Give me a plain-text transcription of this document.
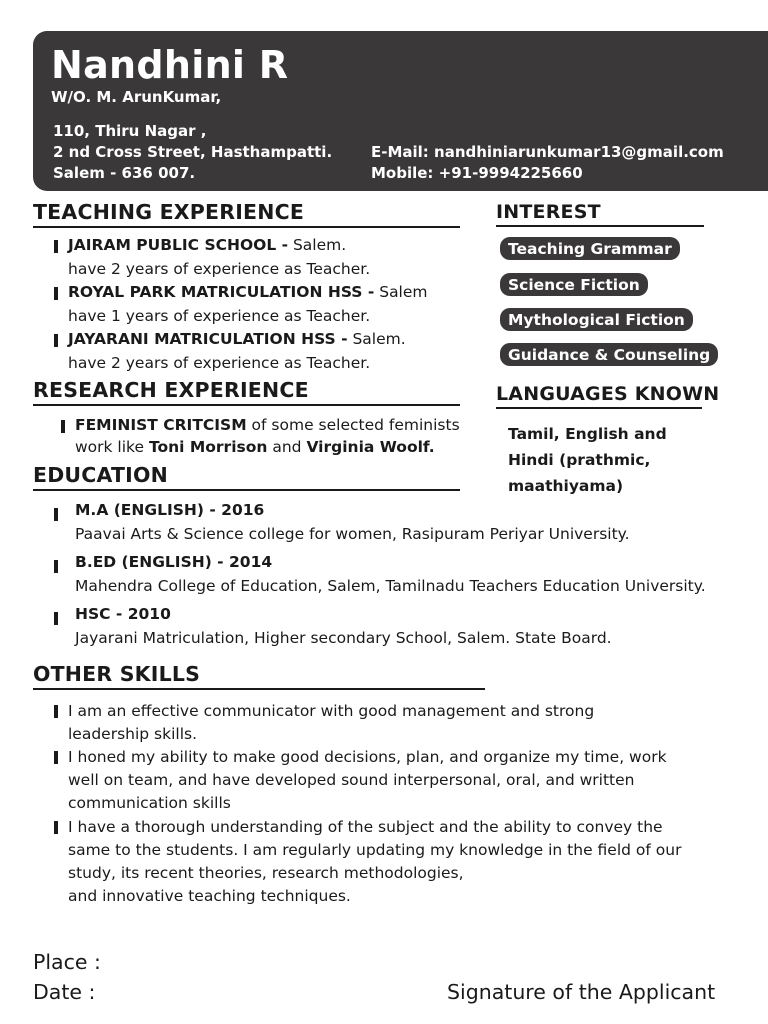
Nandhini R
W/O. M. ArunKumar,
110, Thiru Nagar ,
2 nd Cross Street, Hasthampatti.
Salem - 636 007.
E-Mail: nandhiniarunkumar13@gmail.com
Mobile: +91-9994225660
TEACHING EXPERIENCE
JAIRAM PUBLIC SCHOOL - Salem.
have 2 years of experience as Teacher.
ROYAL PARK MATRICULATION HSS - Salem
have 1 years of experience as Teacher.
JAYARANI MATRICULATION HSS - Salem.
have 2 years of experience as Teacher.
RESEARCH EXPERIENCE
FEMINIST CRITCISM of some selected feminists
work like Toni Morrison and Virginia Woolf.
EDUCATION
M.A (ENGLISH) - 2016
Paavai Arts & Science college for women, Rasipuram Periyar University.
B.ED (ENGLISH) - 2014
Mahendra College of Education, Salem, Tamilnadu Teachers Education University.
HSC - 2010
Jayarani Matriculation, Higher secondary School, Salem. State Board.
INTEREST
Teaching Grammar
Science Fiction
Mythological Fiction
Guidance & Counseling
LANGUAGES KNOWN
Tamil, English and
Hindi (prathmic,
maathiyama)
OTHER SKILLS
I am an effective communicator with good management and strong
leadership skills.
I honed my ability to make good decisions, plan, and organize my time, work
well on team, and have developed sound interpersonal, oral, and written
communication skills
I have a thorough understanding of the subject and the ability to convey the
same to the students. I am regularly updating my knowledge in the field of our
study, its recent theories, research methodologies,
and innovative teaching techniques.
Place :
Date :	Signature of the Applicant
